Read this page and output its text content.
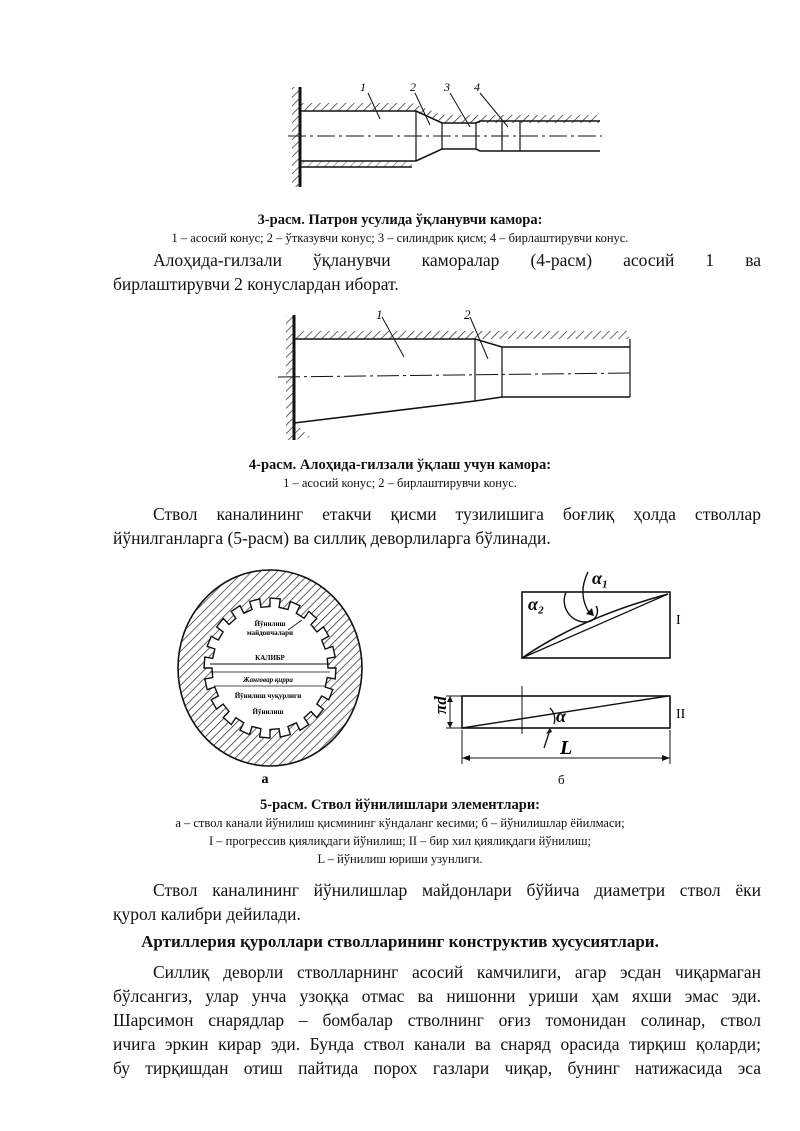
1	2 3 4
3-расм. Патрон усулида ўқланувчи камора:
1 – асосий конус; 2 – ўтказувчи конус; 3 – силиндрик қисм; 4 – бирлаштирувчи конус.
Алоҳида-гилзали ўқланувчи каморалар (4-расм) асосий 1 ва
бирлаштирувчи 2 конуслардан иборат.
1	2
4-расм. Алоҳида-гилзали ўқлаш учун камора:
1 – асосий конус; 2 – бирлаштирувчи конус.
Ствол каналининг етакчи қисми тузилишига боғлиқ ҳолда стволлар
йўнилганларга (5-расм) ва силлиқ деворлиларга бўлинади.
Йўнилиш
майдончалари
КАЛИБР
Жанговар қирра
Йўнилиш чуқурлиги
Йўнилиш
а
α₁
α₂
I
α	II
πd
L
б
5-расм. Ствол йўнилишлари элементлари:
а – ствол канали йўнилиш қисмининг кўндаланг кесими; б – йўнилишлар ёйилмаси;
I – прогрессив қиялиқдаги йўнилиш; II – бир хил қиялиқдаги йўнилиш;
L – йўнилиш юриши узунлиги.
Ствол каналининг йўнилишлар майдонлари бўйича диаметри ствол ёки
қурол калибри дейилади.
Артиллерия қуроллари стволларининг конструктив хусусиятлари.
Силлиқ деворли стволларнинг асосий камчилиги, агар эсдан чиқармаган
бўлсангиз, улар унча узоққа отмас ва нишонни уриши ҳам яхши эмас эди.
Шарсимон снарядлар – бомбалар стволнинг оғиз томонидан солинар, ствол
ичига эркин кирар эди. Бунда ствол канали ва снаряд орасида тирқиш қоларди;
бу тирқишдан отиш пайтида порох газлари чиқар, бунинг натижасида эса
